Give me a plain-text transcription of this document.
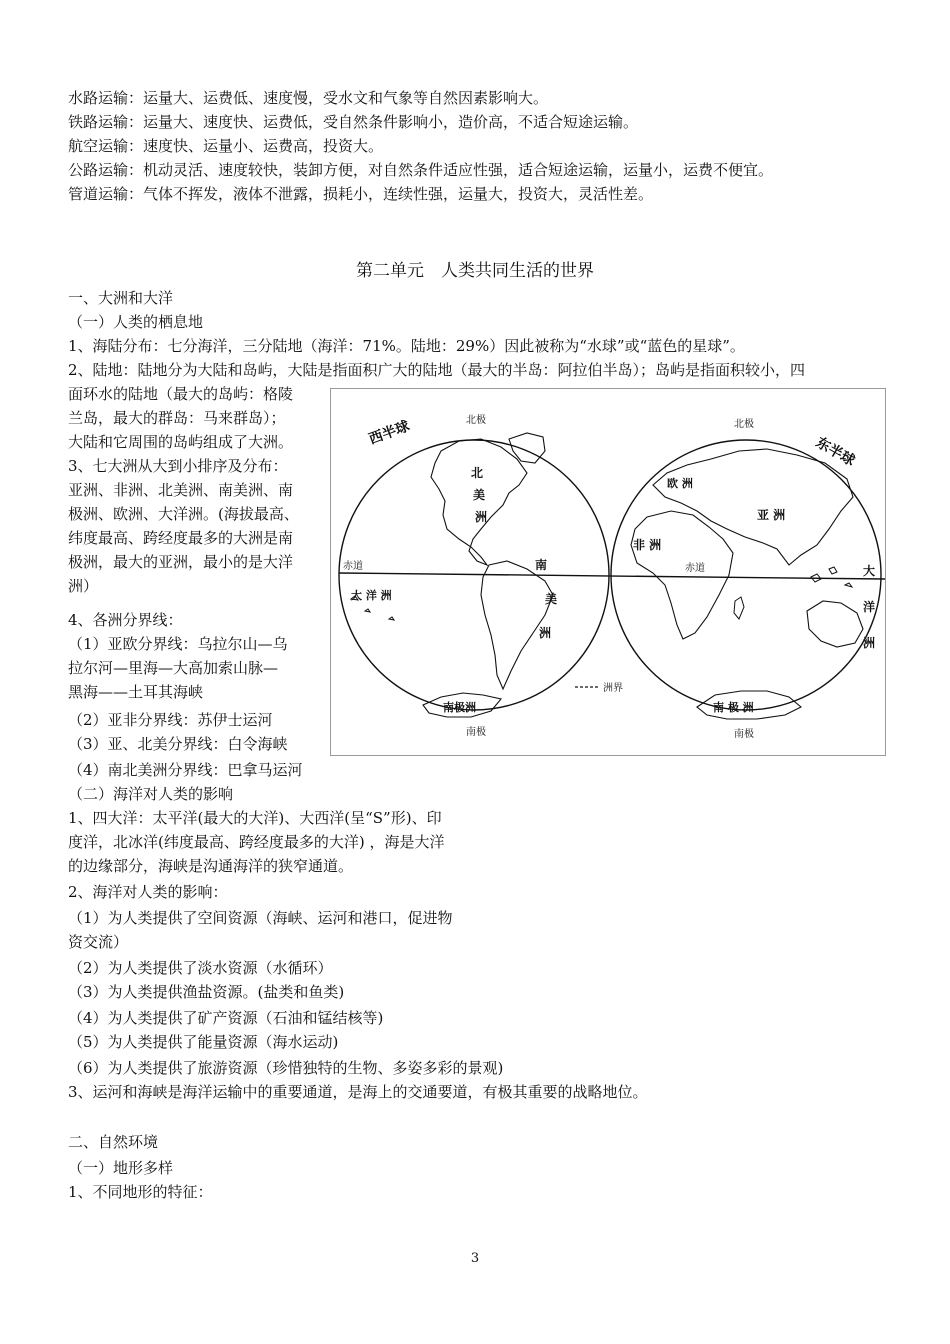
水路运输：运量大、运费低、速度慢，受水文和气象等自然因素影响大。
铁路运输：运量大、速度快、运费低，受自然条件影响小，造价高，不适合短途运输。
航空运输：速度快、运量小、运费高，投资大。
公路运输：机动灵活、速度较快，装卸方便，对自然条件适应性强，适合短途运输，运量小，运费不便宜。
管道运输：气体不挥发，液体不泄露，损耗小，连续性强，运量大，投资大，灵活性差。
第二单元　人类共同生活的世界
一、大洲和大洋
（一）人类的栖息地
1、海陆分布：七分海洋，三分陆地（海洋：71%。陆地：29%）因此被称为“水球”或“蓝色的星球”。
2、陆地：陆地分为大陆和岛屿，大陆是指面积广大的陆地（最大的半岛：阿拉伯半岛）；岛屿是指面积较小，四
面环水的陆地（最大的岛屿：格陵
兰岛，最大的群岛：马来群岛）；
大陆和它周围的岛屿组成了大洲。
3、七大洲从大到小排序及分布：
亚洲、非洲、北美洲、南美洲、南
极洲、欧洲、大洋洲。(海拔最高、
纬度最高、跨经度最多的大洲是南
极洲，最大的亚洲，最小的是大洋
洲）
4、各洲分界线：
（1）亚欧分界线：乌拉尔山—乌
拉尔河—里海—大高加索山脉—
黑海——土耳其海峡
（2）亚非分界线：苏伊士运河
（3）亚、北美分界线：白令海峡
（4）南北美洲分界线：巴拿马运河
（二）海洋对人类的影响
1、四大洋：太平洋(最大的大洋)、大西洋(呈“S”形)、印
度洋，北冰洋(纬度最高、跨经度最多的大洋) ，海是大洋
的边缘部分，海峡是沟通海洋的狭窄通道。
2、海洋对人类的影响：
（1）为人类提供了空间资源（海峡、运河和港口，促进物
资交流）
（2）为人类提供了淡水资源（水循环）
（3）为人类提供渔盐资源。(盐类和鱼类)
（4）为人类提供了矿产资源（石油和锰结核等)
（5）为人类提供了能量资源（海水运动)
（6）为人类提供了旅游资源（珍惜独特的生物、多姿多彩的景观)
3、运河和海峡是海洋运输中的重要通道，是海上的交通要道，有极其重要的战略地位。
二、自然环境
（一）地形多样
1、不同地形的特征：
西半球
东半球
北极
南极
北极
南极
赤道	赤道
北
美
洲
南
美
洲
大 洋 洲
南极洲
欧 洲
亚 洲
非 洲
南 极 洲
大
洋
洲
洲界
3
